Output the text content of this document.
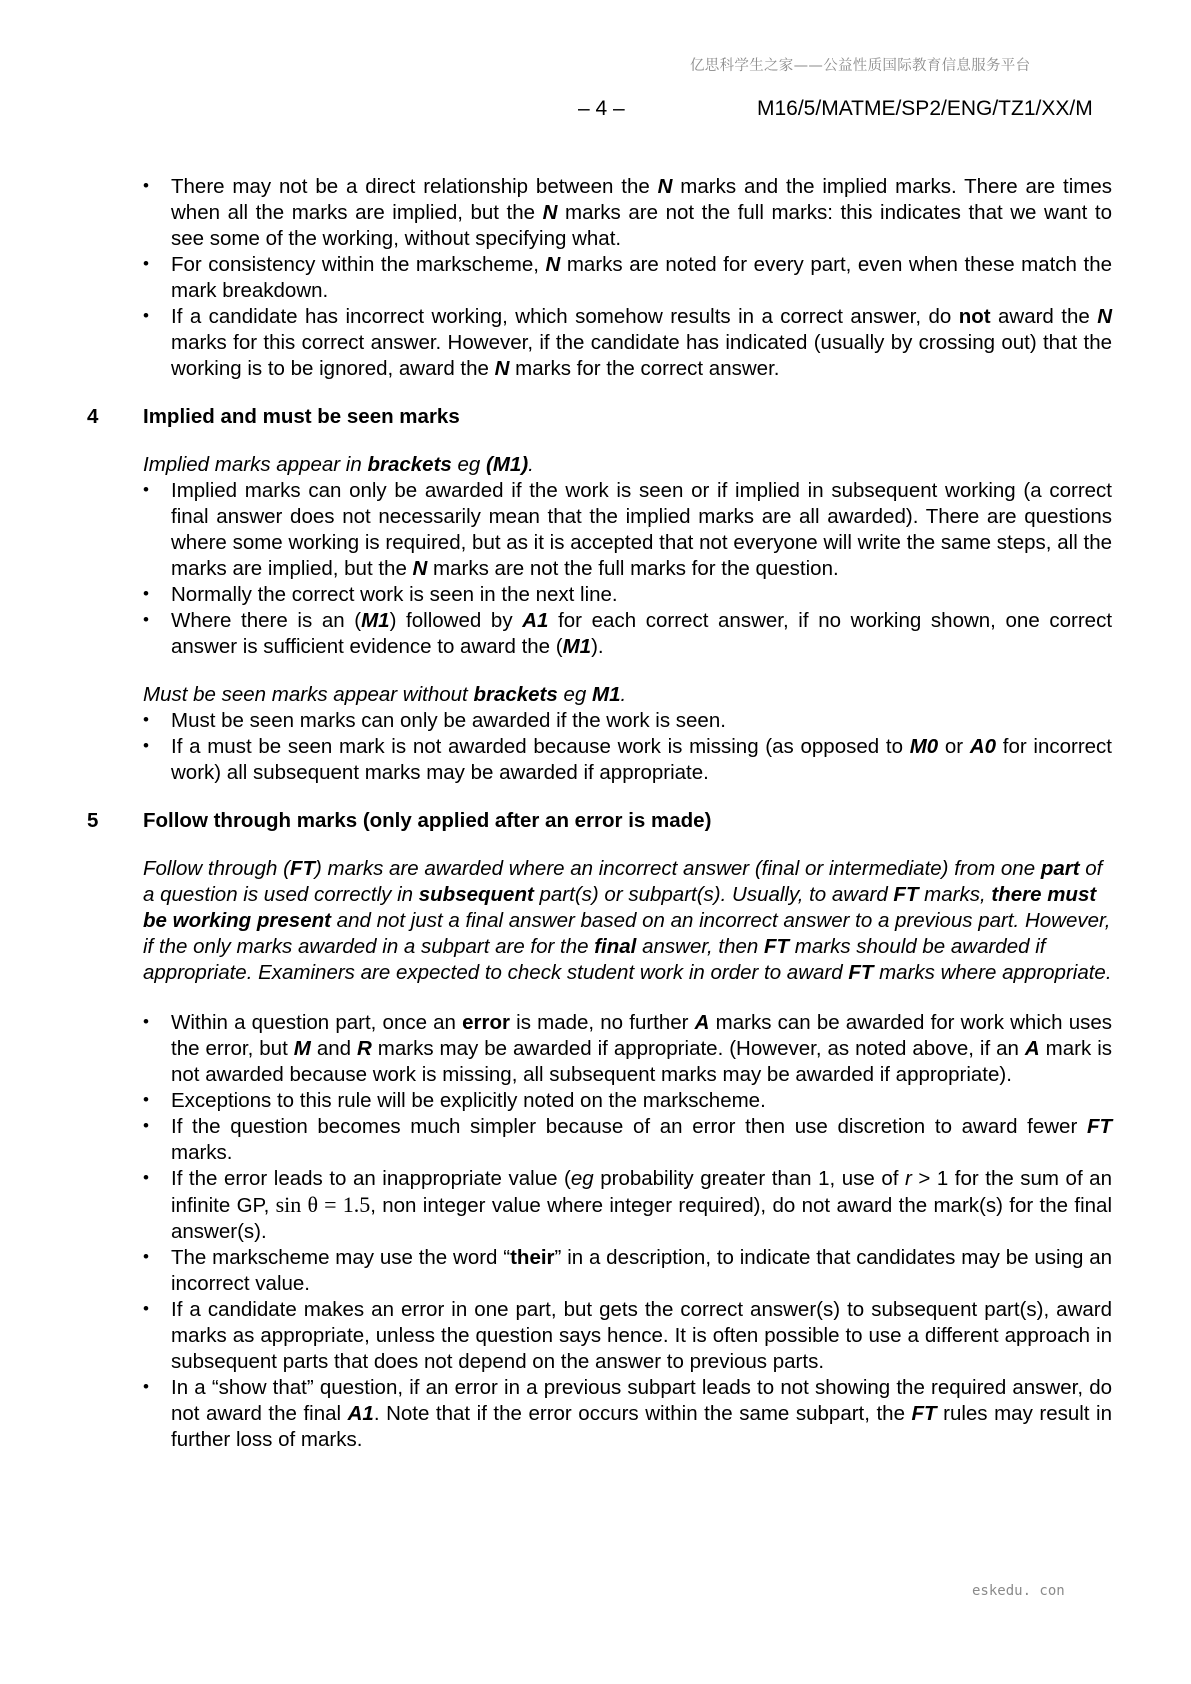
亿思科学生之家——公益性质国际教育信息服务平台
– 4 –	M16/5/MATME/SP2/ENG/TZ1/XX/M
• There may not be a direct relationship between the N marks and the implied marks. There are times when all the marks are implied, but the N marks are not the full marks: this indicates that we want to see some of the working, without specifying what.
• For consistency within the markscheme, N marks are noted for every part, even when these match the mark breakdown.
• If a candidate has incorrect working, which somehow results in a correct answer, do not award the N marks for this correct answer. However, if the candidate has indicated (usually by crossing out) that the working is to be ignored, award the N marks for the correct answer.
4	Implied and must be seen marks

Implied marks appear in brackets eg (M1).

• Implied marks can only be awarded if the work is seen or if implied in subsequent working (a correct final answer does not necessarily mean that the implied marks are all awarded). There are questions where some working is required, but as it is accepted that not everyone will write the same steps, all the marks are implied, but the N marks are not the full marks for the question.
• Normally the correct work is seen in the next line.
• Where there is an (M1) followed by A1 for each correct answer, if no working shown, one correct answer is sufficient evidence to award the (M1).

Must be seen marks appear without brackets eg M1.

• Must be seen marks can only be awarded if the work is seen.
• If a must be seen mark is not awarded because work is missing (as opposed to M0 or A0 for incorrect work) all subsequent marks may be awarded if appropriate.
5	Follow through marks (only applied after an error is made)

Follow through (FT) marks are awarded where an incorrect answer (final or intermediate) from one part of a question is used correctly in subsequent part(s) or subpart(s). Usually, to award FT marks, there must be working present and not just a final answer based on an incorrect answer to a previous part. However, if the only marks awarded in a subpart are for the final answer, then FT marks should be awarded if appropriate. Examiners are expected to check student work in order to award FT marks where appropriate.

• Within a question part, once an error is made, no further A marks can be awarded for work which uses the error, but M and R marks may be awarded if appropriate. (However, as noted above, if an A mark is not awarded because work is missing, all subsequent marks may be awarded if appropriate).
• Exceptions to this rule will be explicitly noted on the markscheme.
• If the question becomes much simpler because of an error then use discretion to award fewer FT marks.
• If the error leads to an inappropriate value (eg probability greater than 1, use of r > 1 for the sum of an infinite GP, sin θ = 1.5, non integer value where integer required), do not award the mark(s) for the final answer(s).
• The markscheme may use the word “their” in a description, to indicate that candidates may be using an incorrect value.
• If a candidate makes an error in one part, but gets the correct answer(s) to subsequent part(s), award marks as appropriate, unless the question says hence. It is often possible to use a different approach in subsequent parts that does not depend on the answer to previous parts.
• In a “show that” question, if an error in a previous subpart leads to not showing the required answer, do not award the final A1. Note that if the error occurs within the same subpart, the FT rules may result in further loss of marks.
eskedu. con
